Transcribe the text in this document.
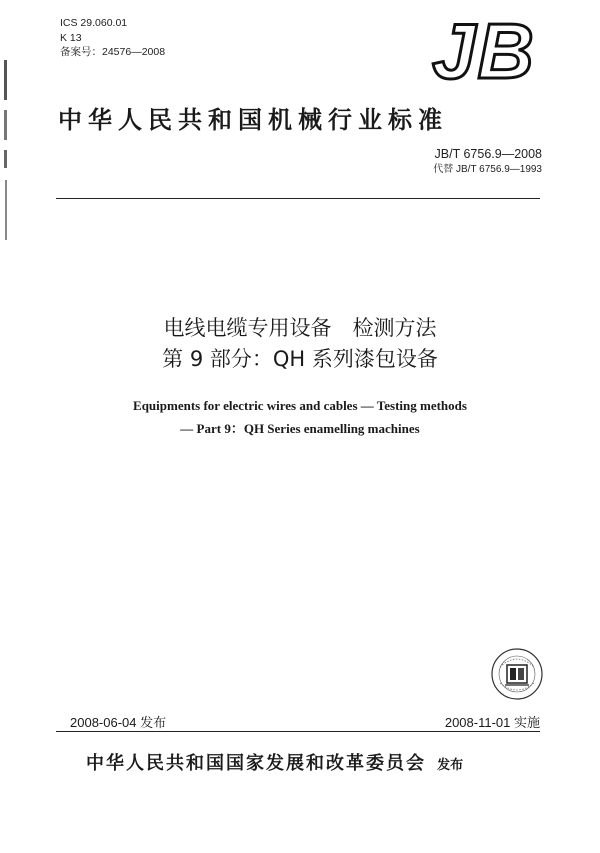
ICS 29.060.01
K 13
备案号：24576—2008	JB
中华人民共和国机械行业标准
JB/T 6756.9—2008
代替 JB/T 6756.9—1993
电线电缆专用设备　检测方法
第 9 部分：QH 系列漆包设备
Equipments for electric wires and cables — Testing methods
— Part 9：QH Series enamelling machines
2008-06-04 发布	2008-11-01 实施
中华人民共和国国家发展和改革委员会 发布
